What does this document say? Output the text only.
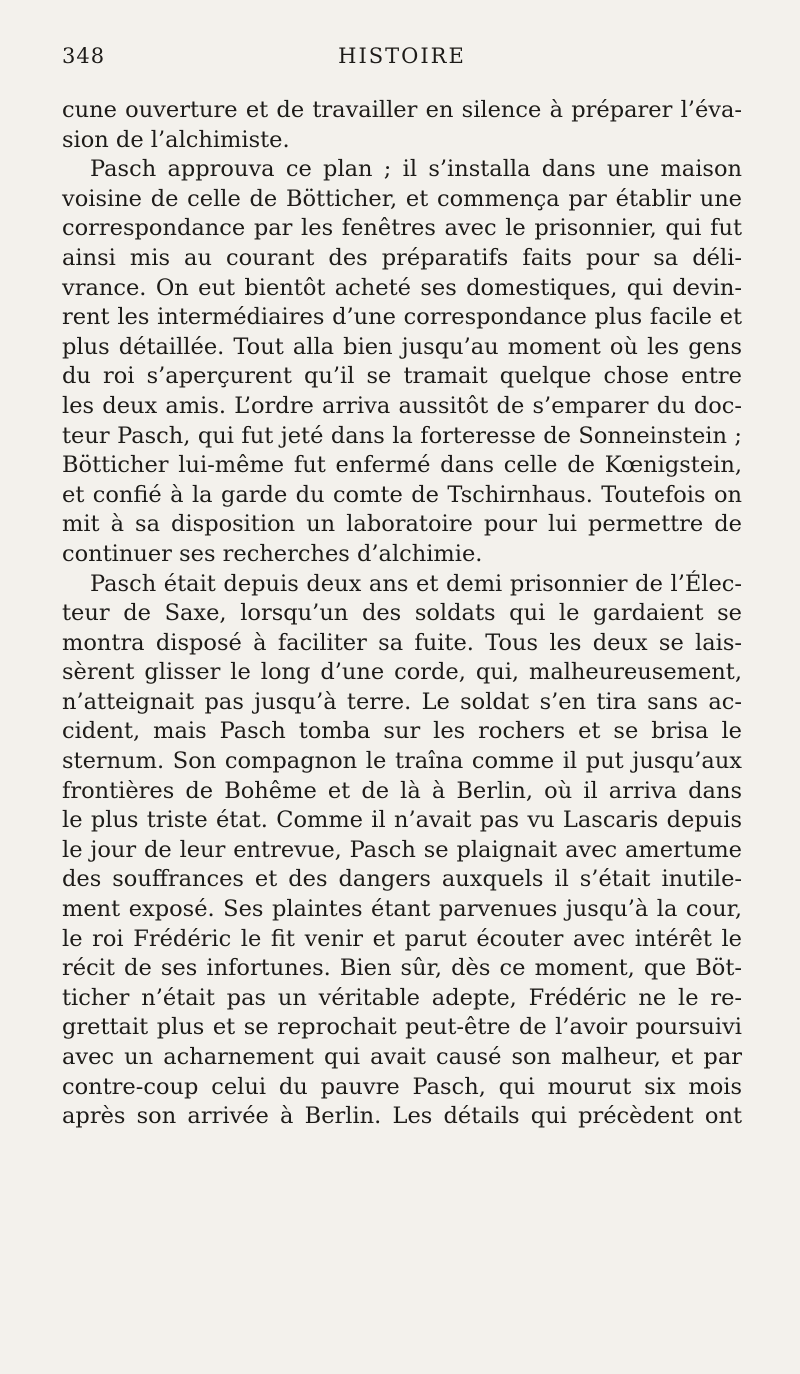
348	HISTOIRE
cune ouverture et de travailler en silence à préparer l’éva-
sion de l’alchimiste.
Pasch approuva ce plan ; il s’installa dans une maison
voisine de celle de Böttiсher, et commença par établir une
correspondance par les fenêtres avec le prisonnier, qui fut
ainsi mis au courant des préparatifs faits pour sa déli-
vrance. On eut bientôt acheté ses domestiques, qui devin-
rent les intermédiaires d’une correspondance plus facile et
plus détaillée. Tout alla bien jusqu’au moment où les gens
du roi s’aperçurent qu’il se tramait quelque chose entre
les deux amis. L’ordre arriva aussitôt de s’emparer du doc-
teur Pasch, qui fut jeté dans la forteresse de Sonneinstein ;
Böttiсher lui-même fut enfermé dans celle de Kœnigstein,
et confié à la garde du comte de Tschirnhaus. Toutefois on
mit à sa disposition un laboratoire pour lui permettre de
continuer ses recherches d’alchimie.
Pasch était depuis deux ans et demi prisonnier de l’Élec-
teur de Saxe, lorsqu’un des soldats qui le gardaient se
montra disposé à faciliter sa fuite. Tous les deux se lais-
sèrent glisser le long d’une corde, qui, malheureusement,
n’atteignait pas jusqu’à terre. Le soldat s’en tira sans ac-
cident, mais Pasch tomba sur les rochers et se brisa le
sternum. Son compagnon le traîna comme il put jusqu’aux
frontières de Bohême et de là à Berlin, où il arriva dans
le plus triste état. Comme il n’avait pas vu Lascaris depuis
le jour de leur entrevue, Pasch se plaignait avec amertume
des souffrances et des dangers auxquels il s’était inutile-
ment exposé. Ses plaintes étant parvenues jusqu’à la cour,
le roi Frédéric le fit venir et parut écouter avec intérêt le
récit de ses infortunes. Bien sûr, dès ce moment, que Böt-
ticher n’était pas un véritable adepte, Frédéric ne le re-
grettait plus et se reprochait peut-être de l’avoir poursuivi
avec un acharnement qui avait causé son malheur, et par
contre-coup celui du pauvre Pasch, qui mourut six mois
après son arrivée à Berlin. Les détails qui précèdent ont
